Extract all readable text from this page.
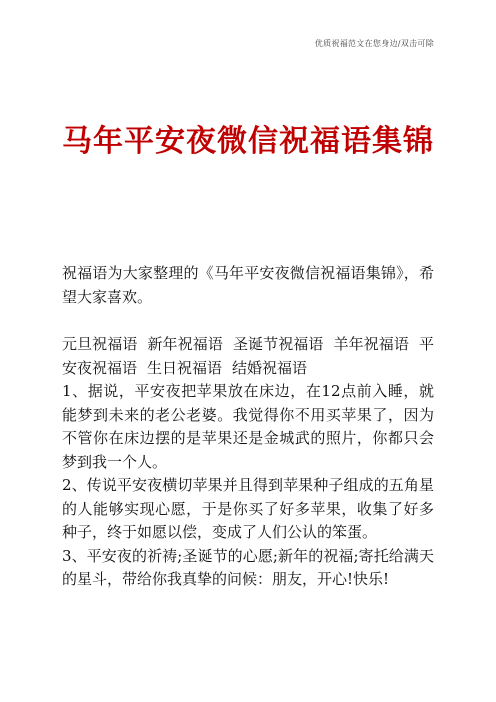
优质祝福范文在您身边/双击可除
马年平安夜微信祝福语集锦

祝福语为大家整理的《马年平安夜微信祝福语集锦》，希望大家喜欢。

元旦祝福语 新年祝福语 圣诞节祝福语 羊年祝福语 平安夜祝福语 生日祝福语 结婚祝福语

1、据说，平安夜把苹果放在床边，在12点前入睡，就能梦到未来的老公老婆。我觉得你不用买苹果了，因为不管你在床边摆的是苹果还是金城武的照片，你都只会梦到我一个人。

2、传说平安夜横切苹果并且得到苹果种子组成的五角星的人能够实现心愿，于是你买了好多苹果，收集了好多种子，终于如愿以偿，变成了人们公认的笨蛋。

3、平安夜的祈祷;圣诞节的心愿;新年的祝福;寄托给满天的星斗，带给你我真挚的问候：朋友，开心!快乐!
